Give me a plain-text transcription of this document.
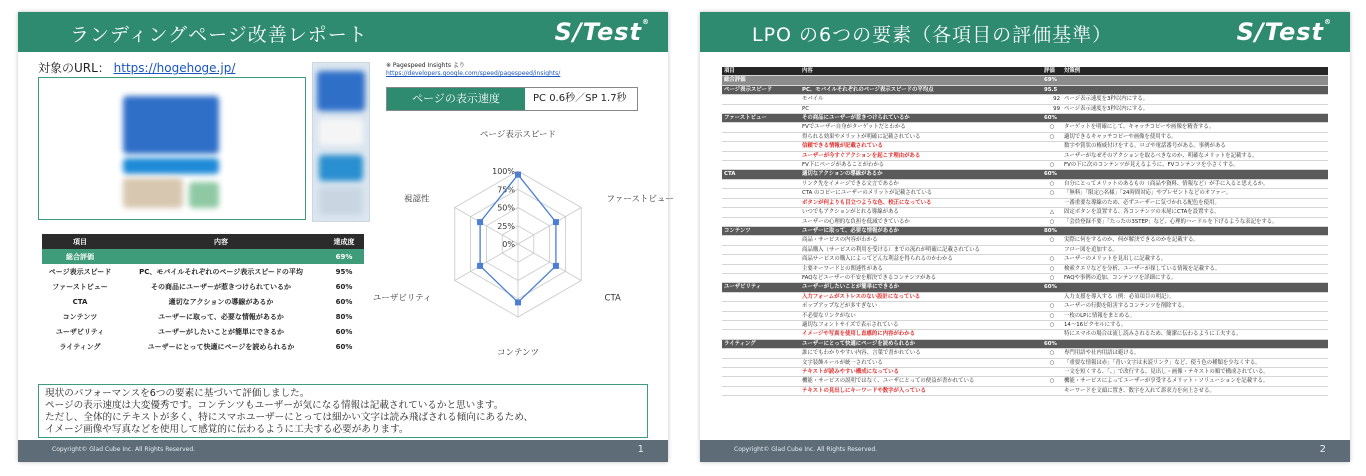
ランディングページ改善レポート	S/Test®
対象のURL： https://hogehoge.jp/	※ Pagespeed Insights より
https://developers.google.com/speed/pagespeed/insights/
ページの表示速度	PC 0.6秒／SP 1.7秒
0%
25%
50%
75%
100%
ページ表示スピード
ファーストビュー
CTA
コンテンツ
ユーザビリティ
視認性
項目	内容	達成度
総合評価		69%
ページ表示スピード	PC、モバイルそれぞれのページ表示スピードの平均	95%
ファーストビュー	その商品にユーザーが惹きつけられているか	60%
CTA	適切なアクションの導線があるか	60%
コンテンツ	ユーザーに取って、必要な情報があるか	80%
ユーザビリティ	ユーザーがしたいことが簡単にできるか	60%
ライティング	ユーザーにとって快適にページを読められるか	60%
現状のパフォーマンスを6つの要素に基づいて評価しました。
ページの表示速度は大変優秀です。コンテンツもユーザーが気になる情報は記載されているかと思います。
ただし、全体的にテキストが多く、特にスマホユーザーにとっては細かい文字は読み飛ばされる傾向にあるため、
イメージ画像や写真などを使用して感覚的に伝わるように工夫する必要があります。
Copyright© Glad Cube Inc. All Rights Reserved.	1
LPO の6つの要素（各項目の評価基準）	S/Test®
項目	内容	評価	対策例
総合評価		69%	
ページ表示スピード	PC、モバイルそれぞれのページ表示スピードの平均点	95.5	
	モバイル	92	ページ表示速度を3秒以内にする。
	PC	99	ページ表示速度を3秒以内にする。
ファーストビュー	その商品にユーザーが惹きつけられているか	60%	
	FVでユーザー自身がターゲットだとわかる	○	ターゲットを明確にして、キャッチコピーや画像を精査する。
	得られる効果やメリットが明確に記載されている	○	適切できるキャッチコピーや画像を使用する。
	信頼できる情報が記載されている		数字や賞状の権威付けをする。ロゴや電話番号がある。事例がある
	ユーザーが今すぐアクションを起こす理由がある		ユーザーがなぜそのアクションを取るべきなのか、明確なメリットを記載する。
	FV下にページがあることがわかる	○	FVの下に次のコンテンツが見えるように、FVコンテンツを小さくする。
CTA	適切なアクションの導線があるか	60%	
	リンク先をイメージできる文言であるか	○	自分にとってメリットのあるもの（商品や資料、情報など）が手に入ると思えるか。
	CTA のコピーにユーザーのメリットが記載されている	○	「無料」「限定○名様」「24時間対応」やプレゼントなどのオファー。
	ボタンが何よりも目立つような色、校正になっている		一番重要な導線のため、必ずユーザーに気づかれる配色を使用。
	いつでもアクションがとれる導線がある	△	固定ボタンを設置する、各コンテンツの末尾にCTAを設置する。
	ユーザーの心理的な負担を低減できているか	○	「会員登録不要」「たったの3STEP」など、心理的ハードルを下げるような表記をする。
コンテンツ	ユーザーに取って、必要な情報があるか	80%	
	商品・サービスの内容がわかる	○	実際に何をするのか、何が解決できるのかを記載する。
	商品購入（サービスの利用を受ける）までの流れが明確に記載されている		フロー図を追加する。
	商品サービスの購入によってどんな利益を得られるのかわかる	○	ユーザーのメリットを見出しに記載する。
	主要キーワードとの関連性がある	○	検索クエリなどを分析、ユーザーが探している情報を記載する。
	FAQなどユーザーの不安を解決できるコンテンツがある	○	FAQや事例の追加、コンテンツを詳細にする。
ユーザビリティ	ユーザーがしたいことが簡単にできるか	60%	
	入力フォームがストレスのない設計になっている		入力支援を導入する（例：必須項目の明記）。
	ポップアップなどが多すぎない	○	ユーザーの行動を阻害するコンテンツを削除する。
	不必要なリンクがない	○	一枚のLPに情報をまとめる。
	適切なフォントサイズで表示されている	○	14～16ピクセルにする。
	イメージや写真を使用し直感的に内容がわかる		特にスマホの場合は流し読みされるため、簡潔に伝わるように工夫する。
ライティング	ユーザーにとって快適にページを読められるか	60%	
	誰にでもわかりやすい内容、言葉で書かれている	○	専門用語や社内用語は避ける。
	文字装飾ルールが統一されている	○	「重要な情報は赤」「青い文字は未読リンク」など、使う色の種類を少なくする。
	テキストが読みやすい構成になっている		一文を短くする、「、」で改行する、見出し・画像・テキストの順で構成されている。
	機能・サービスの説明ではなく、ユーザにとっての便益が書かれている	○	機能・サービスによってユーザーが享受するメリット・ソリューションを記載する。
	テキストの見出しにキーワードや数字が入っている		キーワードを文頭に置き、数字を入れて訴求力を向上させる。
Copyright© Glad Cube Inc. All Rights Reserved.	2
